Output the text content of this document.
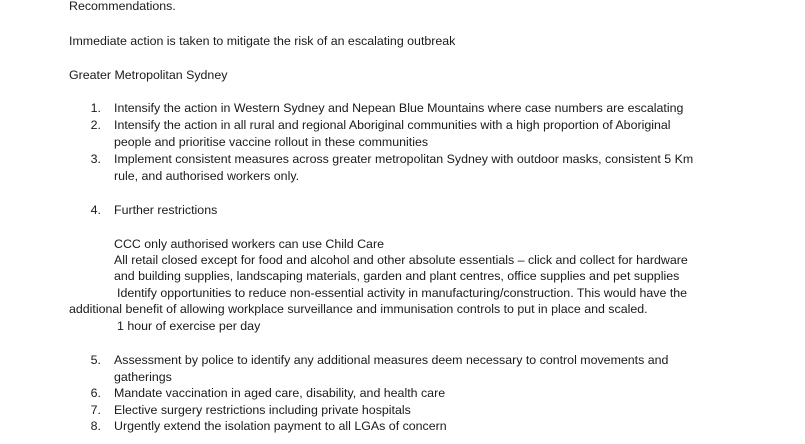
Recommendations.
Immediate action is taken to mitigate the risk of an escalating outbreak
Greater Metropolitan Sydney
1. Intensify the action in Western Sydney and Nepean Blue Mountains where case numbers are escalating
2. Intensify the action in all rural and regional Aboriginal communities with a high proportion of Aboriginal
people and prioritise vaccine rollout in these communities
3. Implement consistent measures across greater metropolitan Sydney with outdoor masks, consistent 5 Km
rule, and authorised workers only.
4. Further restrictions
CCC only authorised workers can use Child Care
All retail closed except for food and alcohol and other absolute essentials – click and collect for hardware
and building supplies, landscaping materials, garden and plant centres, office supplies and pet supplies
Identify opportunities to reduce non-essential activity in manufacturing/construction. This would have the
additional benefit of allowing workplace surveillance and immunisation controls to put in place and scaled.
1 hour of exercise per day
5. Assessment by police to identify any additional measures deem necessary to control movements and
gatherings
6. Mandate vaccination in aged care, disability, and health care
7. Elective surgery restrictions including private hospitals
8. Urgently extend the isolation payment to all LGAs of concern
